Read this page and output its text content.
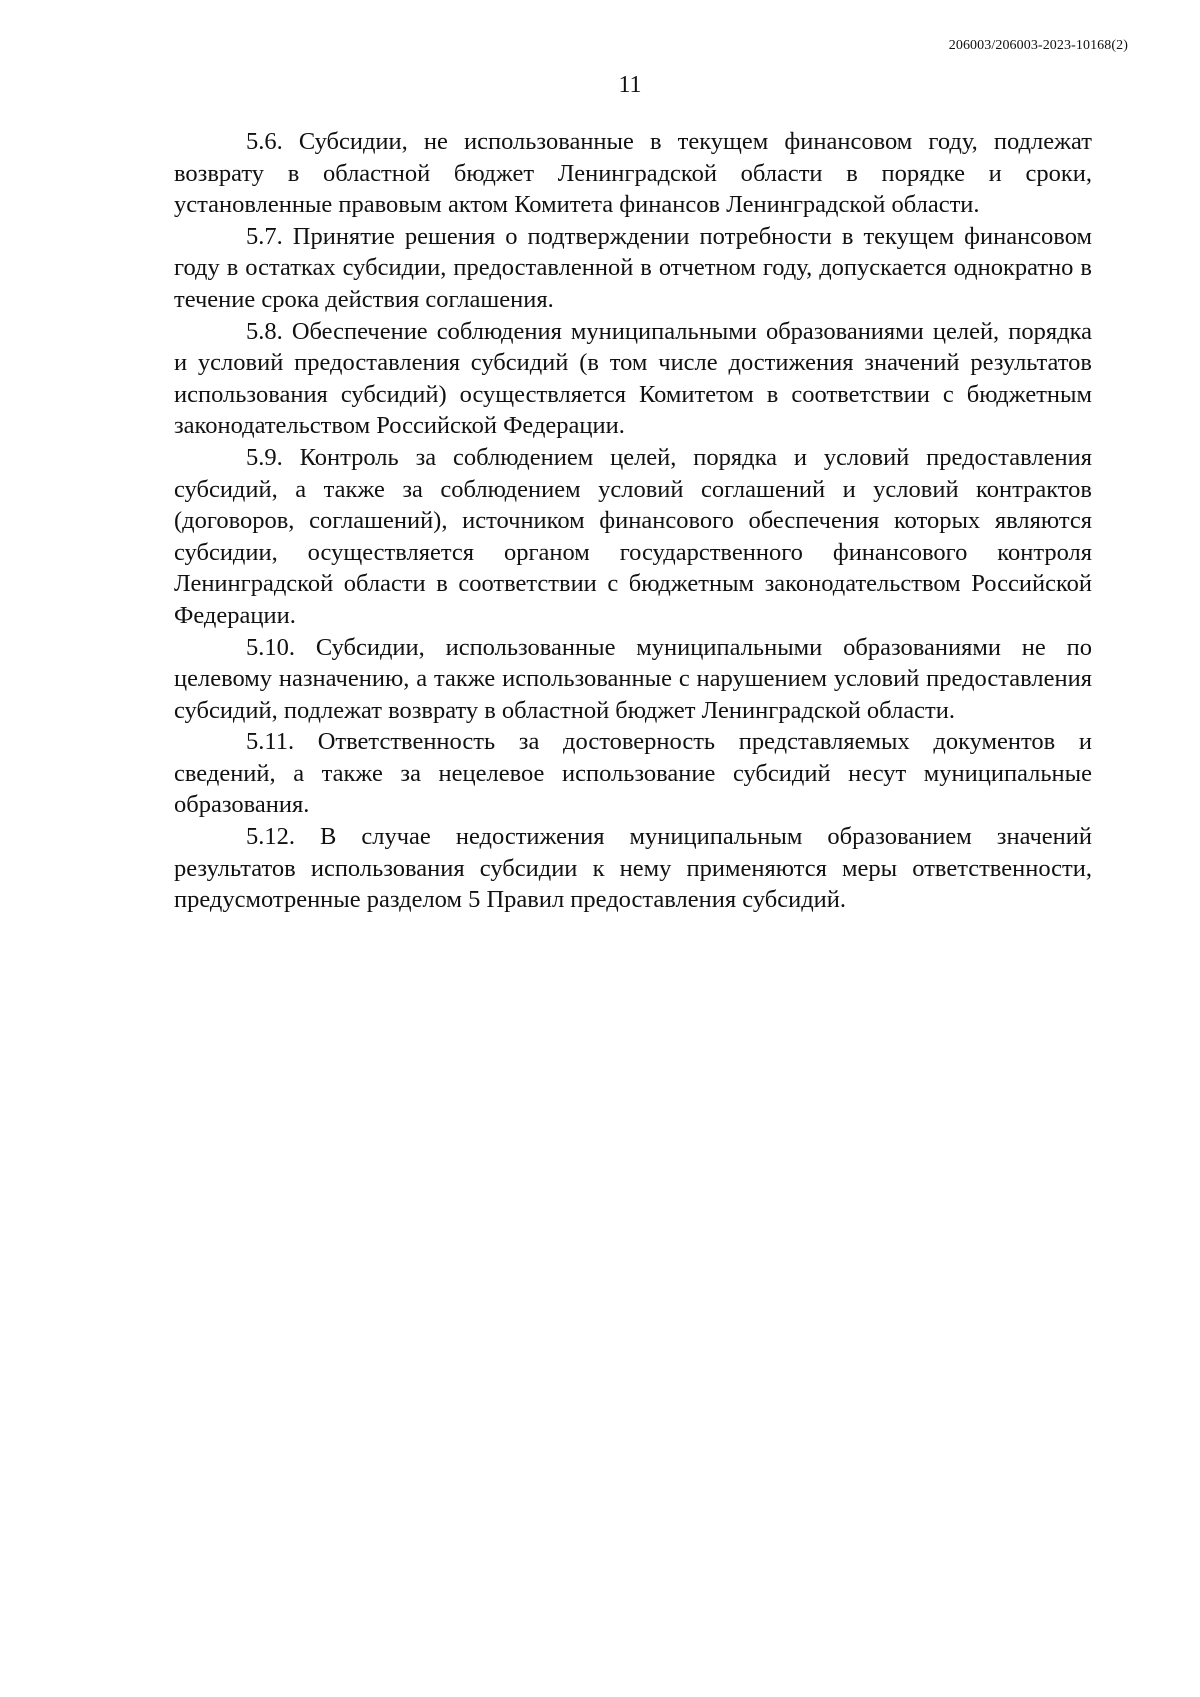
206003/206003-2023-10168(2)
11

5.6. Субсидии, не использованные в текущем финансовом году, подлежат возврату в областной бюджет Ленинградской области в порядке и сроки, установленные правовым актом Комитета финансов Ленинградской области.

5.7. Принятие решения о подтверждении потребности в текущем финансовом году в остатках субсидии, предоставленной в отчетном году, допускается однократно в течение срока действия соглашения.

5.8. Обеспечение соблюдения муниципальными образованиями целей, порядка и условий предоставления субсидий (в том числе достижения значений результатов использования субсидий) осуществляется Комитетом в соответствии с бюджетным законодательством Российской Федерации.

5.9. Контроль за соблюдением целей, порядка и условий предоставления субсидий, а также за соблюдением условий соглашений и условий контрактов (договоров, соглашений), источником финансового обеспечения которых являются субсидии, осуществляется органом государственного финансового контроля Ленинградской области в соответствии с бюджетным законодательством Российской Федерации.

5.10. Субсидии, использованные муниципальными образованиями не по целевому назначению, а также использованные с нарушением условий предоставления субсидий, подлежат возврату в областной бюджет Ленинградской области.

5.11. Ответственность за достоверность представляемых документов и сведений, а также за нецелевое использование субсидий несут муниципальные образования.

5.12. В случае недостижения муниципальным образованием значений результатов использования субсидии к нему применяются меры ответственности, предусмотренные разделом 5 Правил предоставления субсидий.
